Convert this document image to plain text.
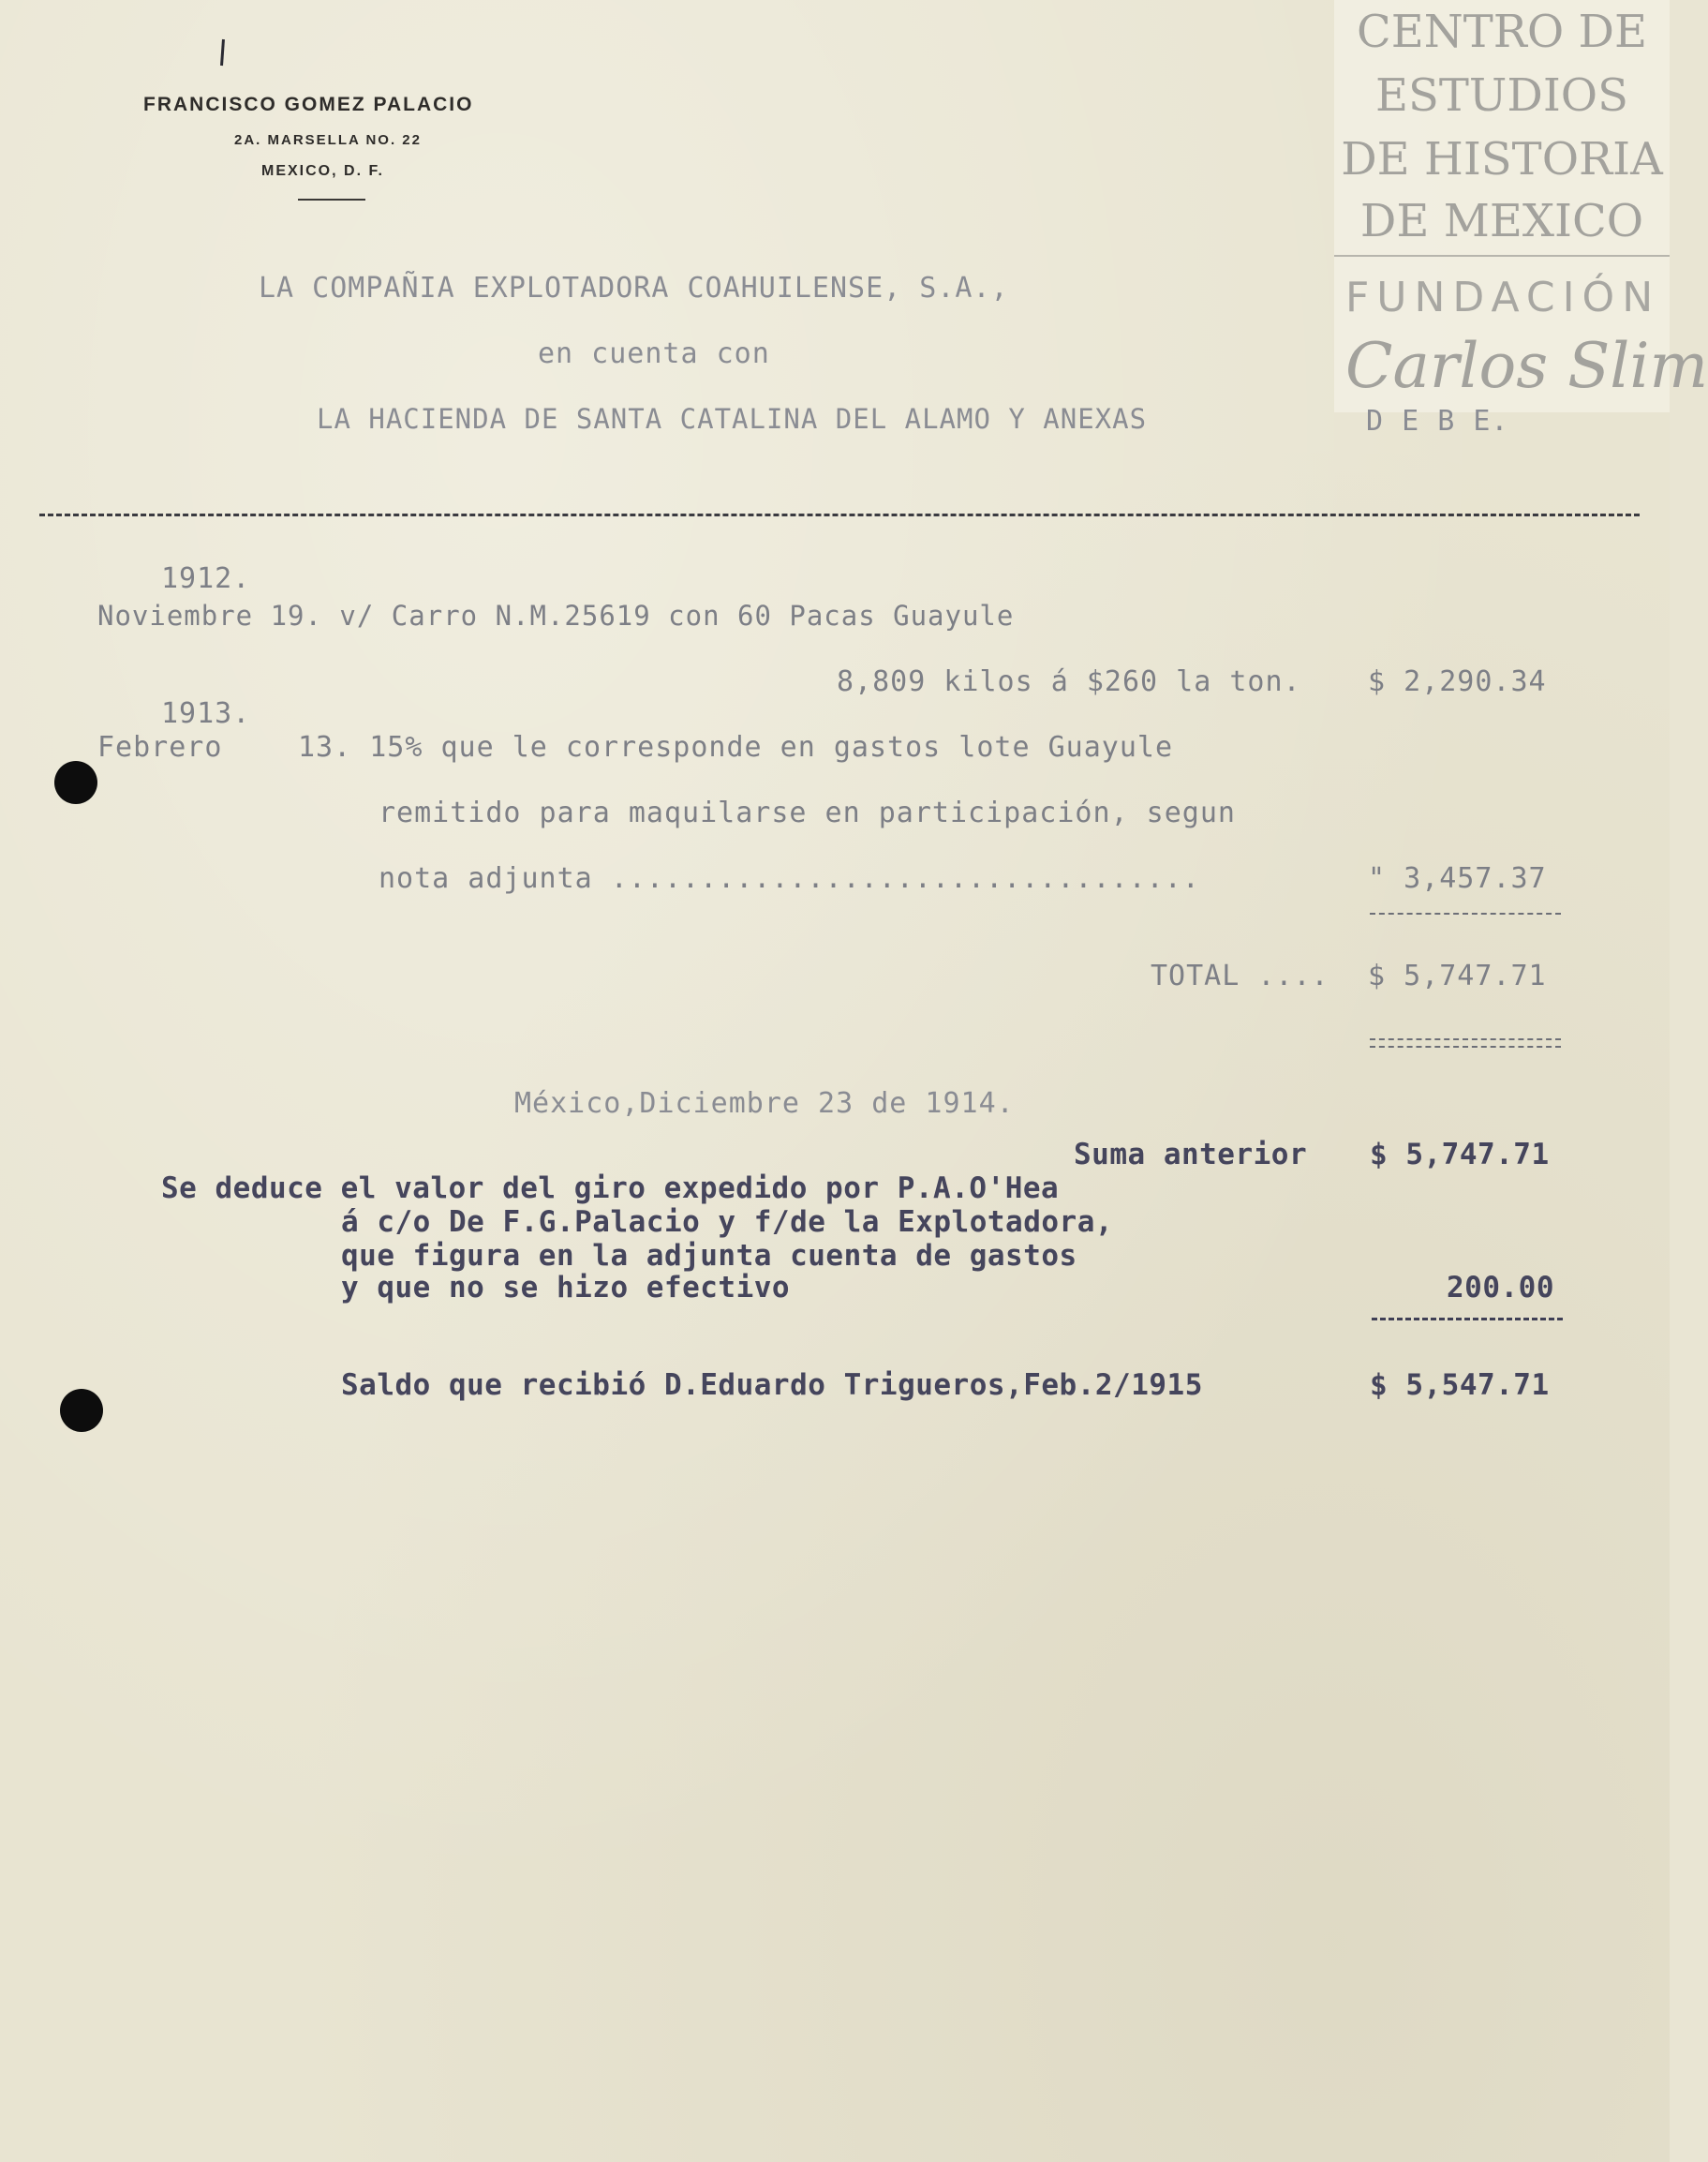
FRANCISCO GOMEZ PALACIO
2A. MARSELLA NO. 22
MEXICO, D. F.
CENTRO DE
ESTUDIOS
DE HISTORIA
DE MEXICO
FUNDACIÓN
Carlos Slim
LA COMPAÑIA EXPLOTADORA COAHUILENSE, S.A.,
en cuenta con
LA HACIENDA DE SANTA CATALINA DEL ALAMO Y ANEXAS	D E B E.
1912.
Noviembre 19. v/ Carro N.M.25619 con 60 Pacas Guayule
8,809 kilos á $260 la ton. $ 2,290.34
1913.
Febrero	13. 15% que le corresponde en gastos lote Guayule
remitido para maquilarse en participación, segun
nota adjunta .................................	" 3,457.37
TOTAL .... $ 5,747.71
México,Diciembre 23 de 1914.
Suma anterior $ 5,747.71
Se deduce el valor del giro expedido por P.A.O'Hea
á c/o De F.G.Palacio y f/de la Explotadora,
que figura en la adjunta cuenta de gastos
y que no se hizo efectivo	200.00
Saldo que recibió D.Eduardo Trigueros,Feb.2/1915	$ 5,547.71
